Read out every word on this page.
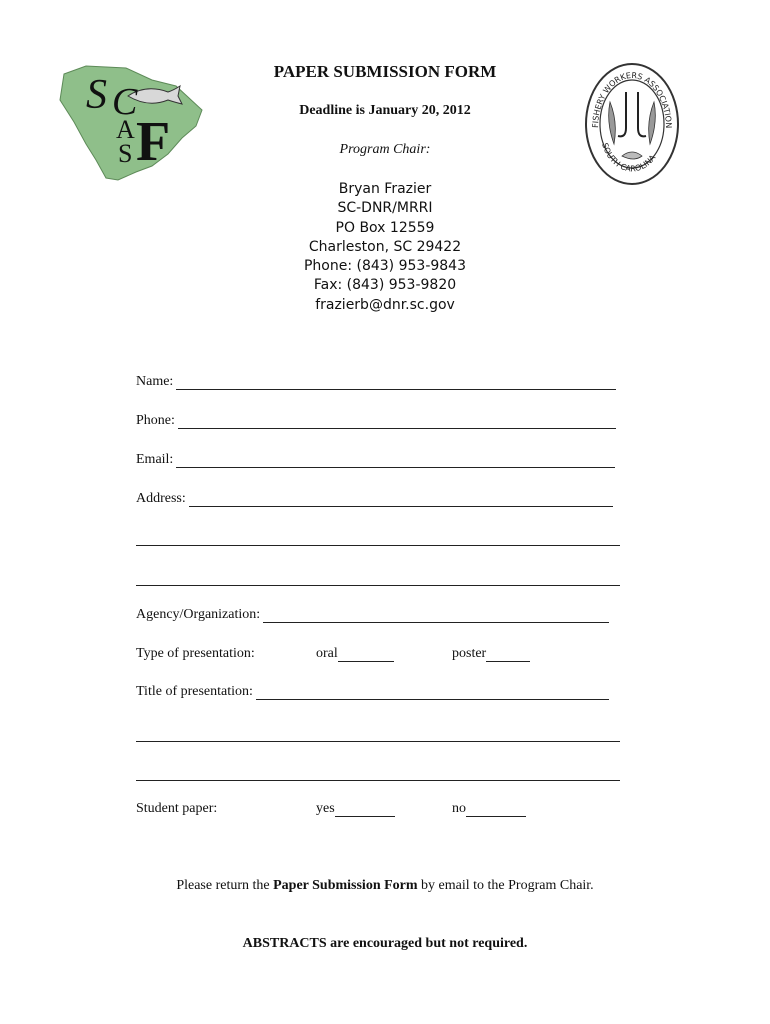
S C
A
S F	FISHERY WORKERS ASSOCIATION
SOUTH CAROLINA
PAPER SUBMISSION FORM
Deadline is January 20, 2012
Program Chair:
Bryan Frazier
SC-DNR/MRRI
PO Box 12559
Charleston, SC 29422
Phone: (843) 953-9843
Fax: (843) 953-9820
frazierb@dnr.sc.gov
Name:
Phone:
Email:
Address:
Agency/Organization:
Type of presentation:	oral	poster
Title of presentation:
Student paper:	yes	no
Please return the Paper Submission Form by email to the Program Chair.
ABSTRACTS are encouraged but not required.
